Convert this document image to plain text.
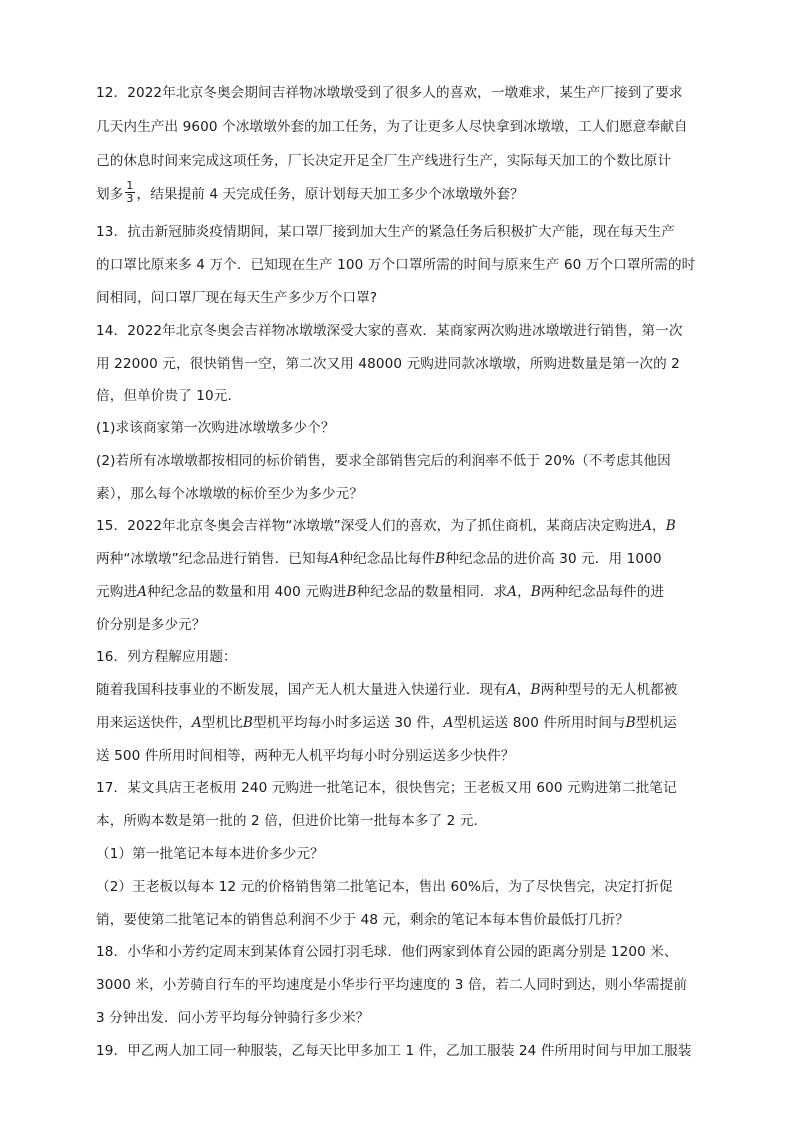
12．2022年北京冬奥会期间吉祥物冰墩墩受到了很多人的喜欢，一墩难求，某生产厂接到了要求
几天内生产出 9600 个冰墩墩外套的加工任务，为了让更多人尽快拿到冰墩墩，工人们愿意奉献自
己的休息时间来完成这项任务，厂长决定开足全厂生产线进行生产，实际每天加工的个数比原计
划多 $\frac{1}{3}$ ，结果提前 4 天完成任务，原计划每天加工多少个冰墩墩外套？
13．抗击新冠肺炎疫情期间，某口罩厂接到加大生产的紧急任务后积极扩大产能，现在每天生产
的口罩比原来多 4 万个．已知现在生产 100 万个口罩所需的时间与原来生产 60 万个口罩所需的时
间相同，问口罩厂现在每天生产多少万个口罩?
14．2022年北京冬奥会吉祥物冰墩墩深受大家的喜欢．某商家两次购进冰墩墩进行销售，第一次
用 22000 元，很快销售一空，第二次又用 48000 元购进同款冰墩墩，所购进数量是第一次的 2
倍，但单价贵了 10元．
(1)求该商家第一次购进冰墩墩多少个？
(2)若所有冰墩墩都按相同的标价销售，要求全部销售完后的利润率不低于 20%（不考虑其他因
素），那么每个冰墩墩的标价至少为多少元？
15．2022年北京冬奥会吉祥物“冰墩墩”深受人们的喜欢，为了抓住商机，某商店决定购进A，B
两种“冰墩墩”纪念品进行销售．已知每A种纪念品比每件B种纪念品的进价高 30 元．用 1000
元购进A种纪念品的数量和用 400 元购进B种纪念品的数量相同．求A，B两种纪念品每件的进
价分别是多少元？
16．列方程解应用题：
随着我国科技事业的不断发展，国产无人机大量进入快递行业．现有A，B两种型号的无人机都被
用来运送快件，A型机比B型机平均每小时多运送 30 件，A型机运送 800 件所用时间与B型机运
送 500 件所用时间相等，两种无人机平均每小时分别运送多少快件？
17．某文具店王老板用 240 元购进一批笔记本，很快售完；王老板又用 600 元购进第二批笔记
本，所购本数是第一批的 2 倍，但进价比第一批每本多了 2 元．
（1）第一批笔记本每本进价多少元？
（2）王老板以每本 12 元的价格销售第二批笔记本，售出 60%后，为了尽快售完，决定打折促
销，要使第二批笔记本的销售总利润不少于 48 元，剩余的笔记本每本售价最低打几折？
18．小华和小芳约定周末到某体育公园打羽毛球．他们两家到体育公园的距离分别是 1200 米、
3000 米，小芳骑自行车的平均速度是小华步行平均速度的 3 倍，若二人同时到达，则小华需提前
3 分钟出发．问小芳平均每分钟骑行多少米？
19．甲乙两人加工同一种服装，乙每天比甲多加工 1 件，乙加工服装 24 件所用时间与甲加工服装
